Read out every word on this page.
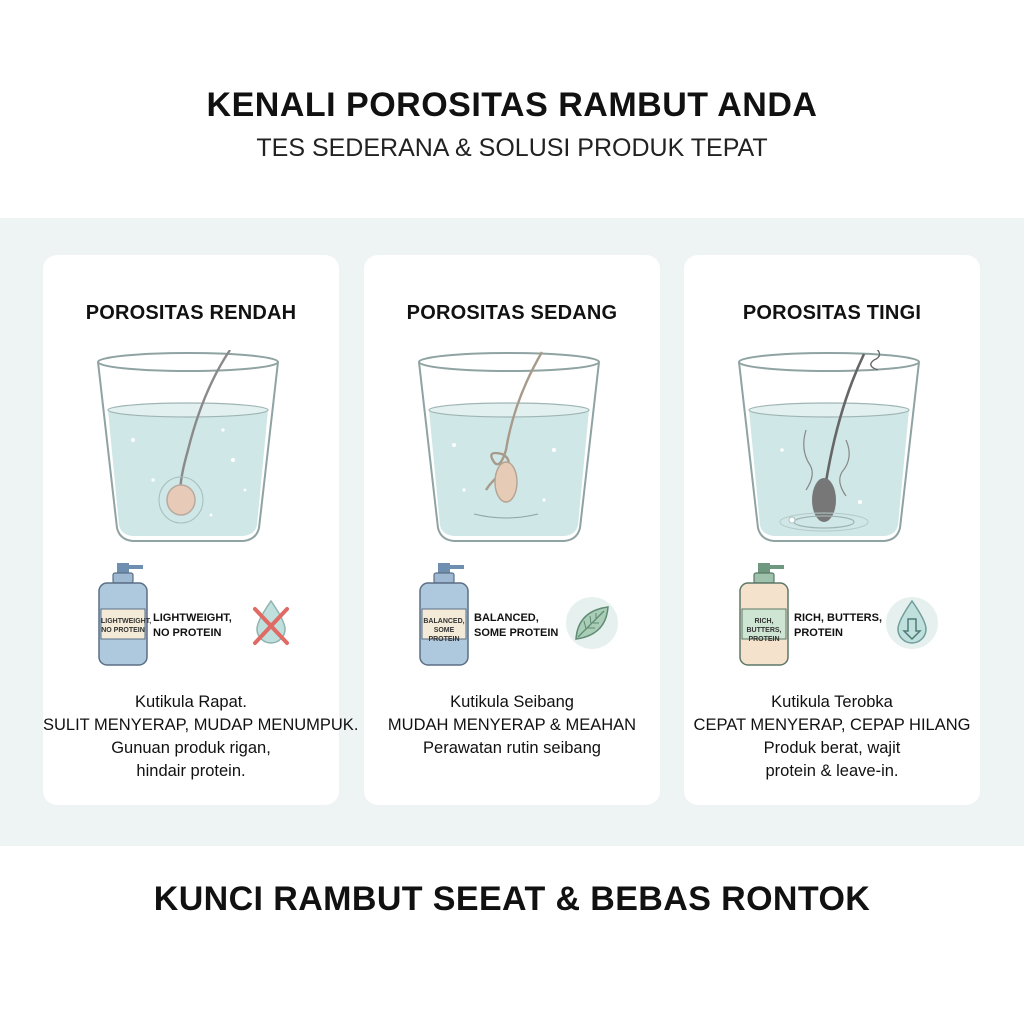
KENALI POROSITAS RAMBUT ANDA
TES SEDERANA & SOLUSI PRODUK TEPAT
POROSITAS RENDAH
LIGHTWEIGHT, NO PROTEIN
LIGHTWEIGHT,
NO PROTEIN
Kutikula Rapat.
SULIT MENYERAP, MUDAP MENUMPUK.
Gunuan produk rigan,
hindair protein.
POROSITAS SEDANG
BALANCED, SOME PROTEIN
BALANCED,
SOME PROTEIN
Kutikula Seibang
MUDAH MENYERAP & MEAHAN
Perawatan rutin seibang
POROSITAS TINGI
RICH, BUTTERS, PROTEIN
RICH, BUTTERS,
PROTEIN
Kutikula Terobka
CEPAT MENYERAP, CEPAP HILANG
Produk berat, wajit
protein & leave-in.
KUNCI RAMBUT SEEAT & BEBAS RONTOK
